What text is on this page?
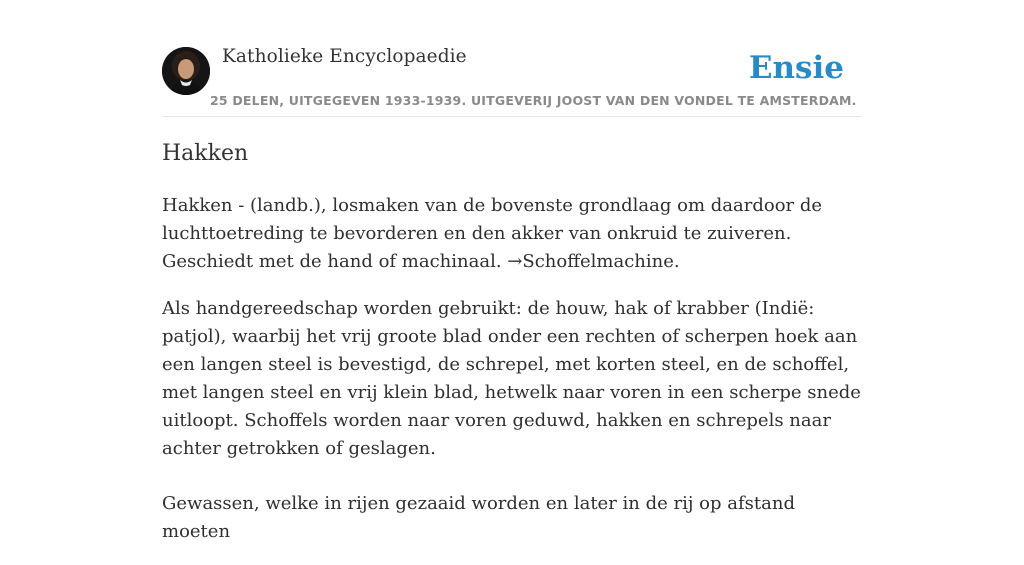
Katholieke Encyclopaedie	Ensie
25 DELEN, UITGEGEVEN 1933-1939. UITGEVERIJ JOOST VAN DEN VONDEL TE AMSTERDAM.
Hakken

Hakken - (landb.), losmaken van de bovenste grondlaag om daardoor de luchttoetreding te bevorderen en den akker van onkruid te zuiveren. Geschiedt met de hand of machinaal. →Schoffelmachine.

Als handgereedschap worden gebruikt: de houw, hak of krabber (Indië: patjol), waarbij het vrij groote blad onder een rechten of scherpen hoek aan een langen steel is bevestigd, de schrepel, met korten steel, en de schoffel, met langen steel en vrij klein blad, hetwelk naar voren in een scherpe snede uitloopt. Schoffels worden naar voren geduwd, hakken en schrepels naar achter getrokken of geslagen.

Gewassen, welke in rijen gezaaid worden en later in de rij op afstand moeten
